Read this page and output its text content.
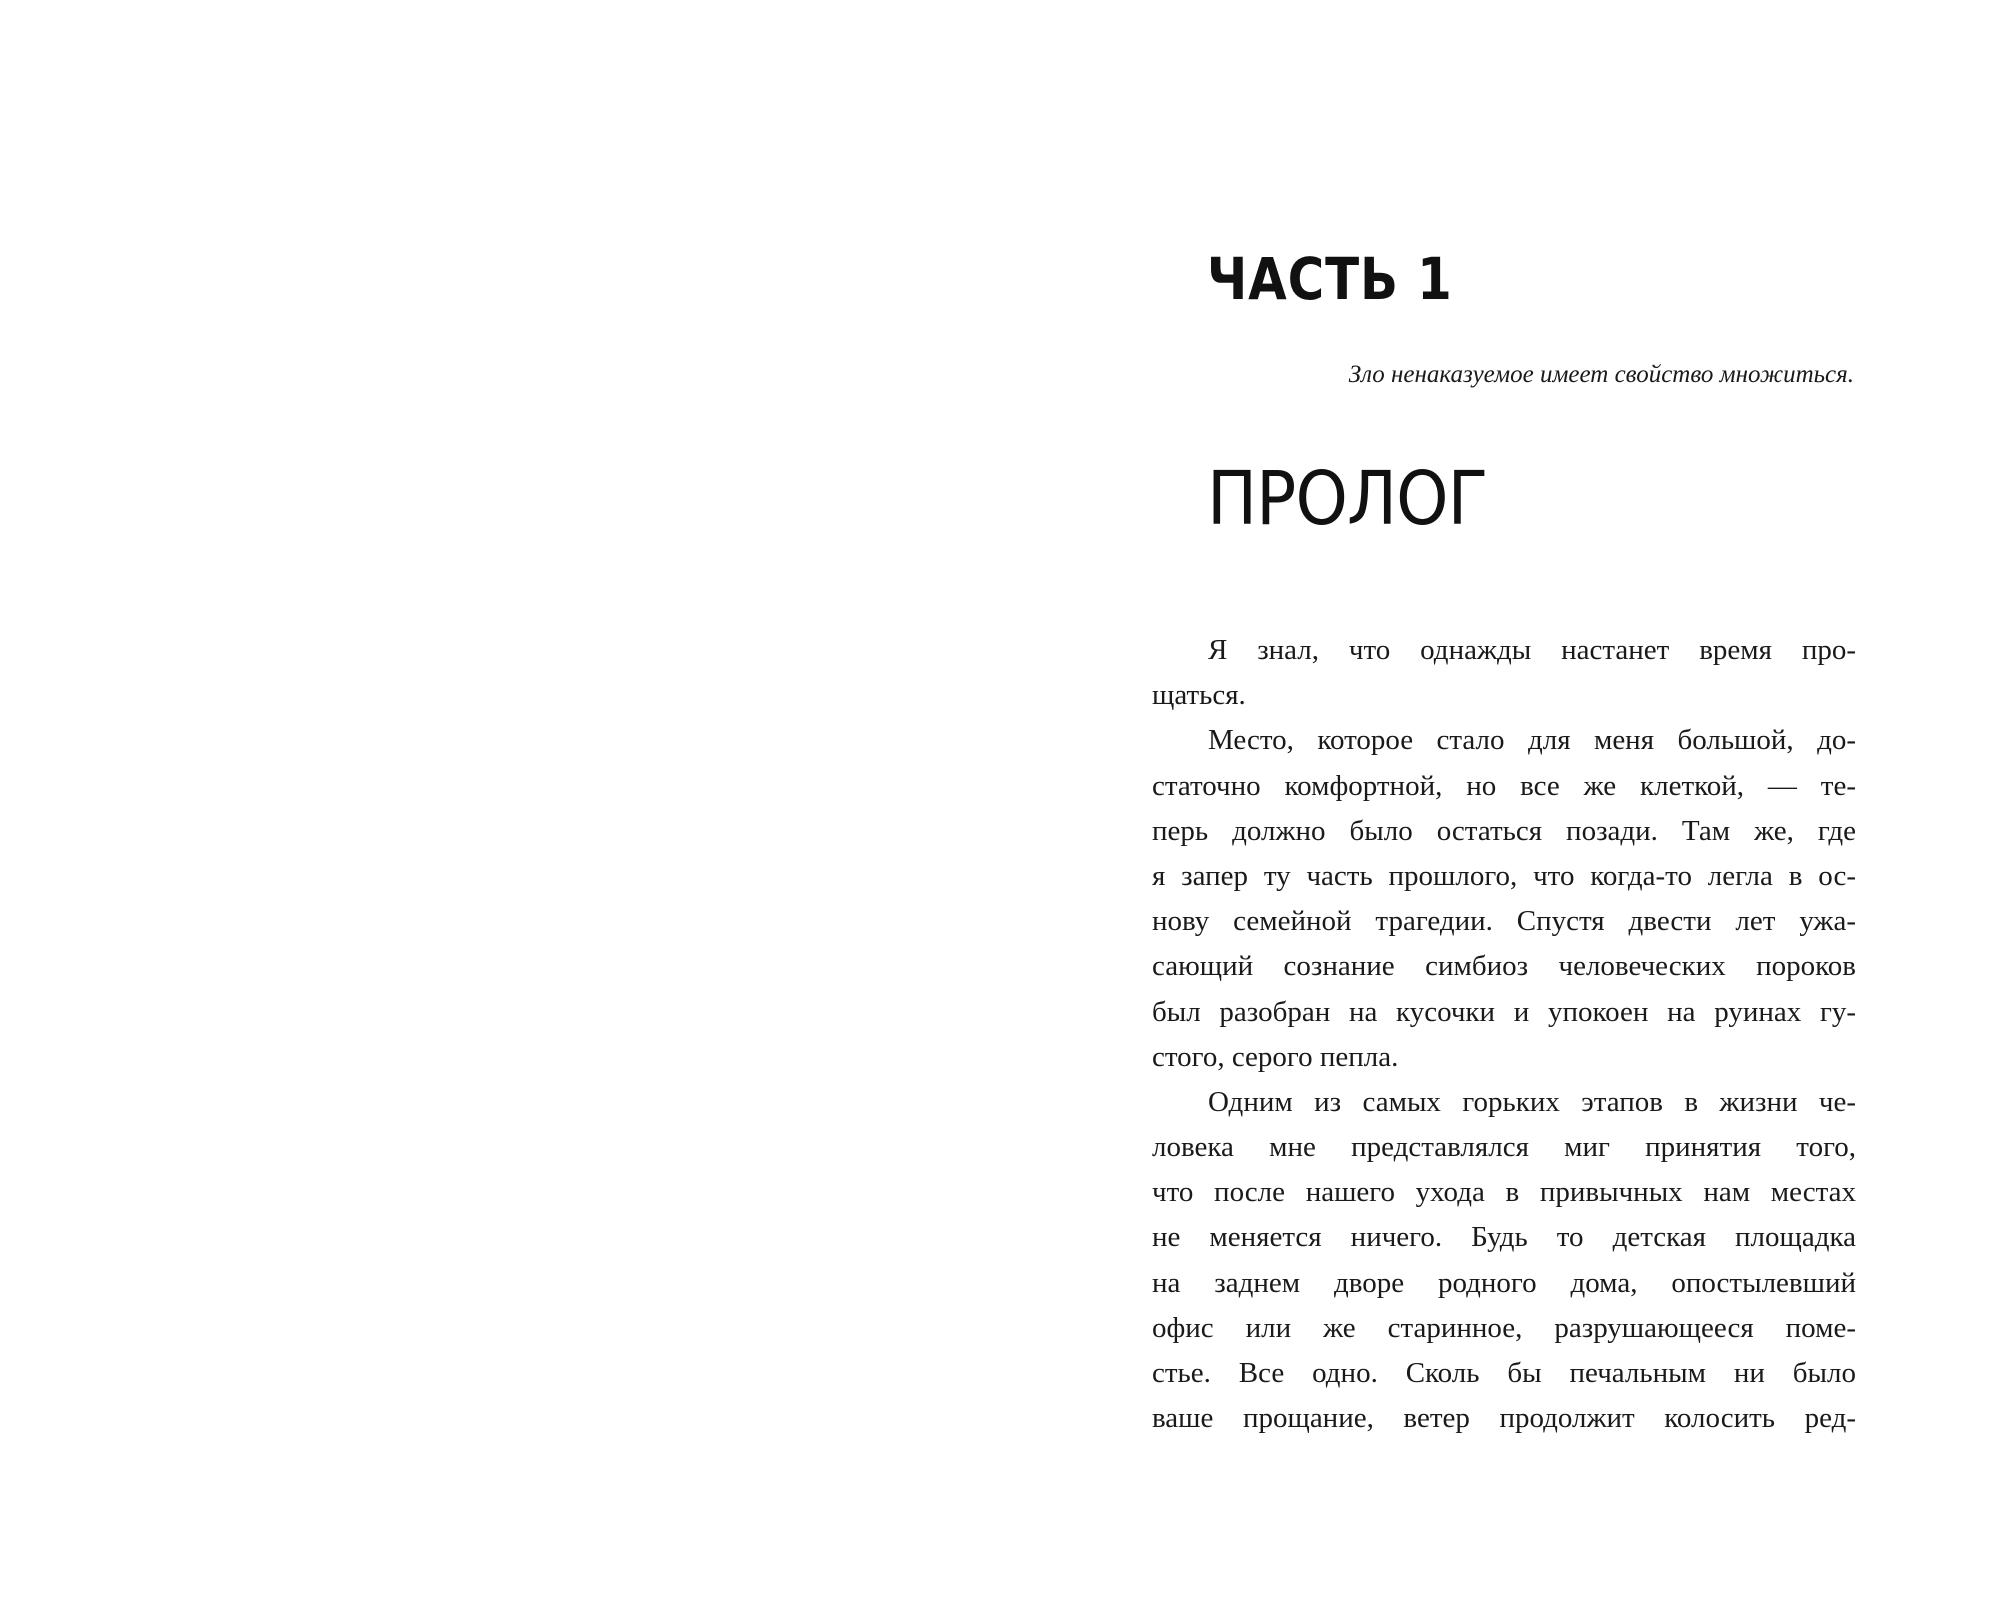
ЧАСТЬ 1

Зло ненаказуемое имеет свойство множиться.

ПРОЛОГ
Я знал, что однажды настанет время про-
щаться.
Место, которое стало для меня большой, до-
статочно комфортной, но все же клеткой, — те-
перь должно было остаться позади. Там же, где
я запер ту часть прошлого, что когда-то легла в ос-
нову семейной трагедии. Спустя двести лет ужа-
сающий сознание симбиоз человеческих пороков
был разобран на кусочки и упокоен на руинах гу-
стого, серого пепла.
Одним из самых горьких этапов в жизни че-
ловека мне представлялся миг принятия того,
что после нашего ухода в привычных нам местах
не меняется ничего. Будь то детская площадка
на заднем дворе родного дома, опостылевший
офис или же старинное, разрушающееся поме-
стье. Все одно. Сколь бы печальным ни было
ваше прощание, ветер продолжит колосить ред-
